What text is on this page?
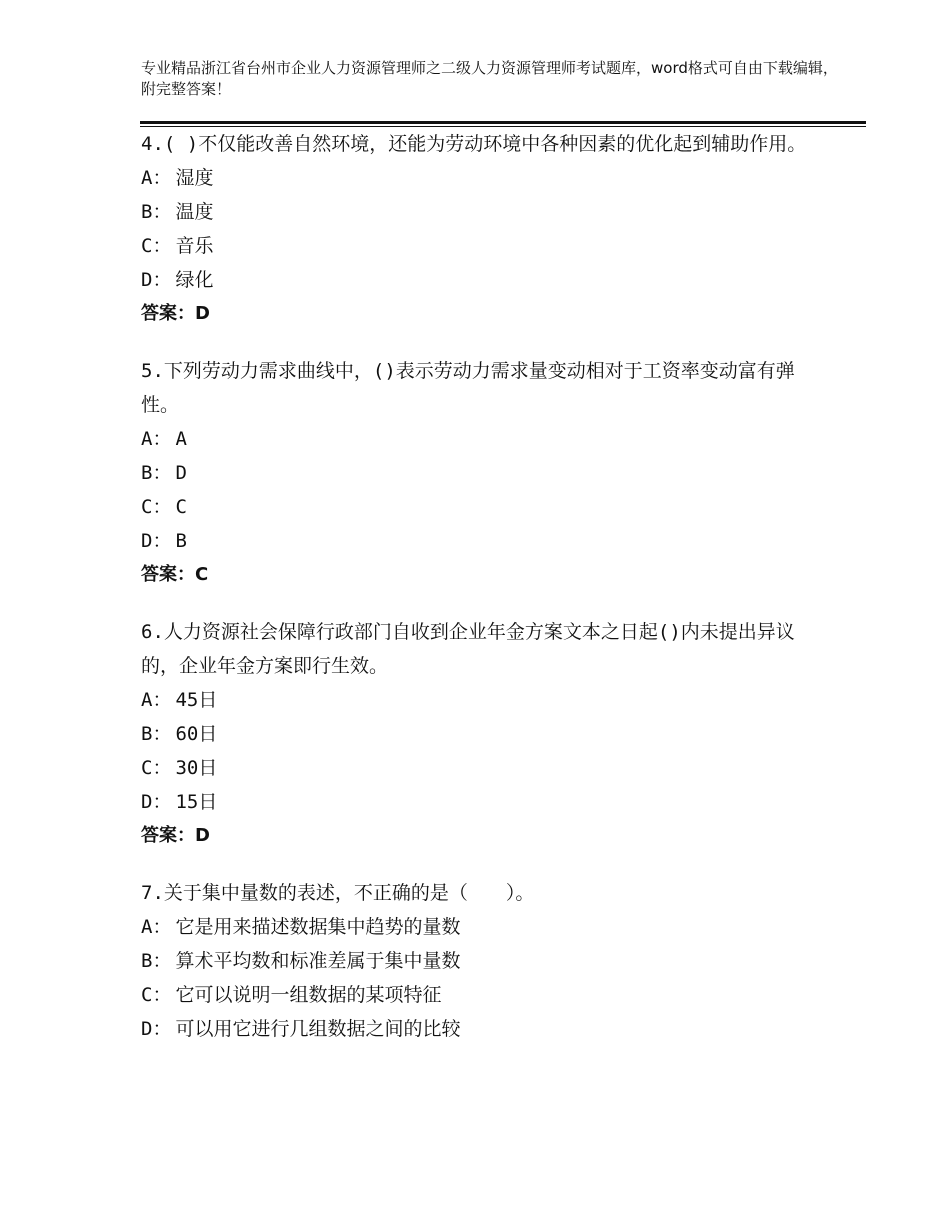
专业精品浙江省台州市企业人力资源管理师之二级人力资源管理师考试题库，word格式可自由下载编辑，附完整答案！

4.( )不仅能改善自然环境，还能为劳动环境中各种因素的优化起到辅助作用。

A： 湿度
B： 温度
C： 音乐
D： 绿化
答案：D

5.下列劳动力需求曲线中，()表示劳动力需求量变动相对于工资率变动富有弹性。

A： A
B： D
C： C
D： B
答案：C

6.人力资源社会保障行政部门自收到企业年金方案文本之日起()内未提出异议的，企业年金方案即行生效。

A： 45日
B： 60日
C： 30日
D： 15日
答案：D

7.关于集中量数的表述，不正确的是（　　）。

A： 它是用来描述数据集中趋势的量数
B： 算术平均数和标准差属于集中量数
C： 它可以说明一组数据的某项特征
D： 可以用它进行几组数据之间的比较
